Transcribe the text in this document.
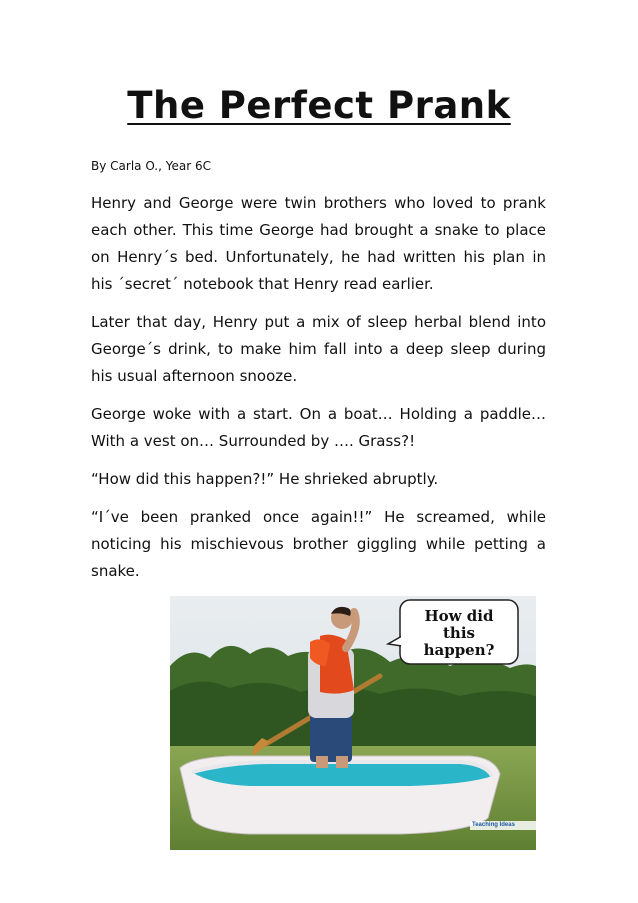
The Perfect Prank
By Carla O., Year 6C

Henry and George were twin brothers who loved to prank each other. This time George had brought a snake to place on Henry´s bed. Unfortunately, he had written his plan in his ´secret´ notebook that Henry read earlier.

Later that day, Henry put a mix of sleep herbal blend into George´s drink, to make him fall into a deep sleep during his usual afternoon snooze.

George woke with a start. On a boat… Holding a paddle… With a vest on… Surrounded by …. Grass?!

“How did this happen?!” He shrieked abruptly.

“I´ve been pranked once again!!” He screamed, while noticing his mischievous brother giggling while petting a snake.

How did this happen?
Teaching Ideas
